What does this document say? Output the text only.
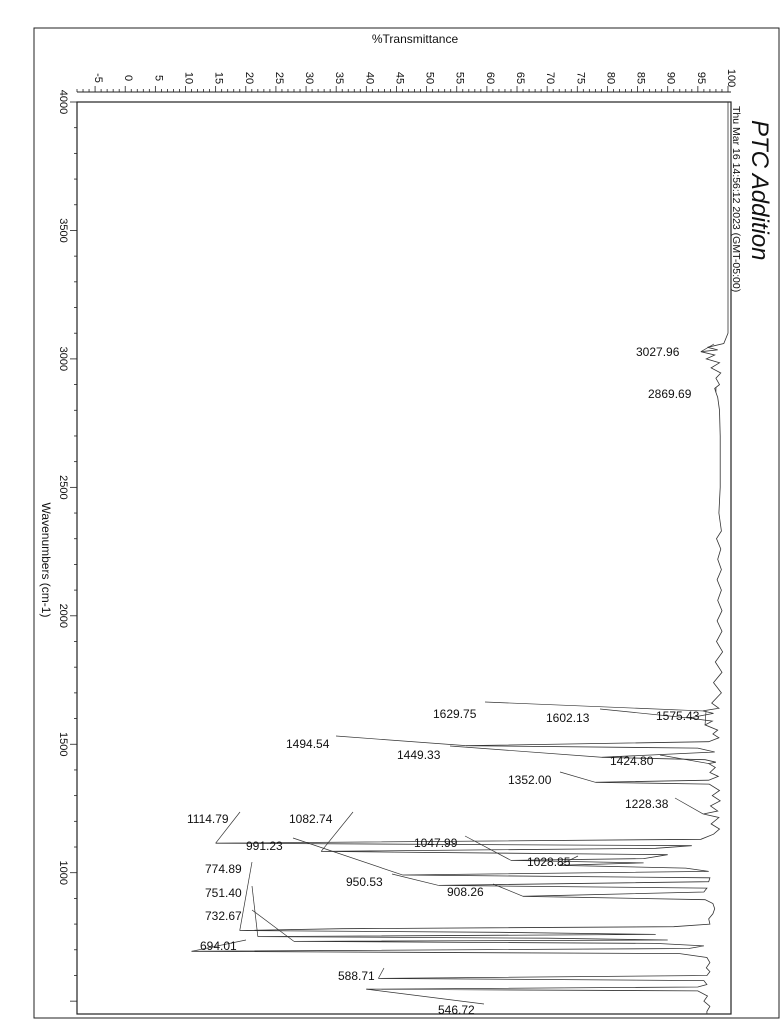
%Transmittance
-5 0 5 10 15 20 25 30 35 40 45 50 55 60 65 70 75 80 85 90 95 100
4000
3500
3000
2500
2000
1500
1000
Wavenumbers (cm-1)
Thu Mar 16 14:56:12 2023 (GMT-05:00) PTC Addition
3027.96
2869.69
1629.75	1602.13	1575.43
1494.54
1449.33	1424.80
1352.00
1228.38
1114.79	1082.74
1047.99
1028.85
991.23
950.53
908.26
774.89
751.40
732.67
694.01
588.71
546.72
